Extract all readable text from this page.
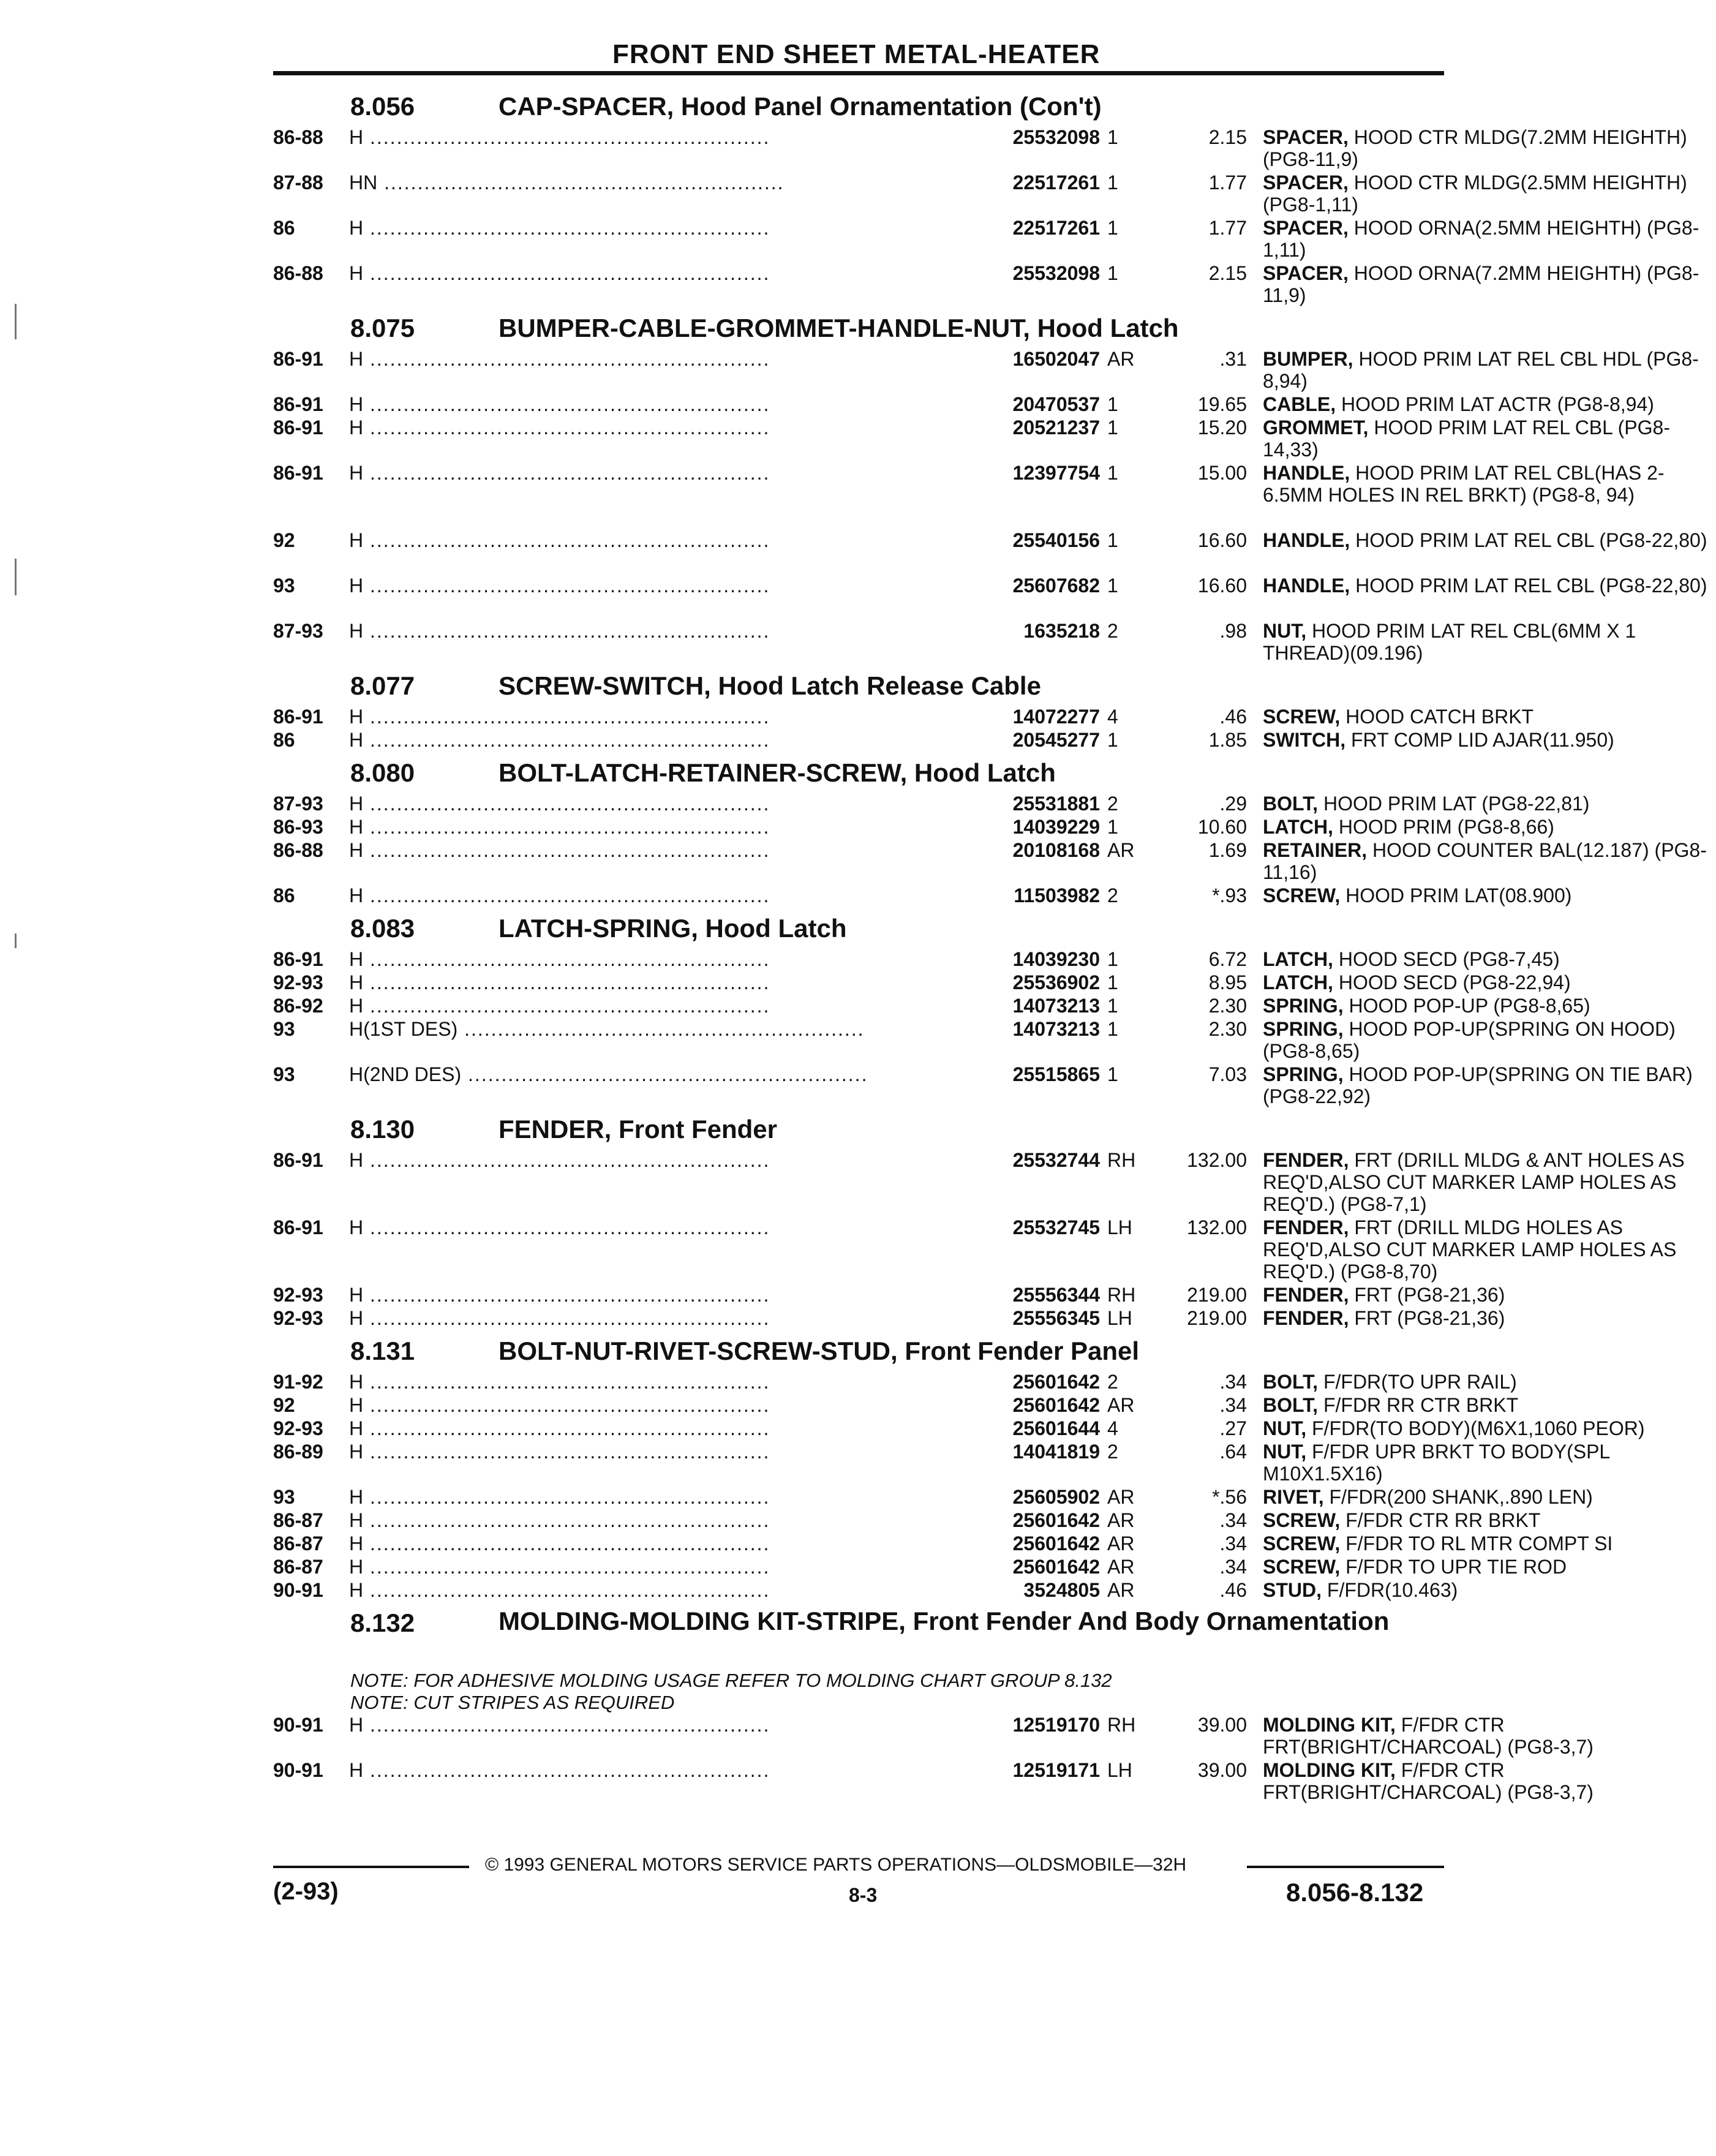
FRONT END SHEET METAL-HEATER
8.056	CAP-SPACER, Hood Panel Ornamentation (Con't)
86-88 H ............................................................	25532098 1	2.15 SPACER, HOOD CTR MLDG(7.2MM HEIGHTH) (PG8-11,9)
87-88 HN ............................................................	22517261 1	1.77 SPACER, HOOD CTR MLDG(2.5MM HEIGHTH) (PG8-1,11)
86	H ............................................................	22517261 1	1.77 SPACER, HOOD ORNA(2.5MM HEIGHTH) (PG8-1,11)
86-88 H ............................................................	25532098 1	2.15 SPACER, HOOD ORNA(7.2MM HEIGHTH) (PG8-11,9)
8.075	BUMPER-CABLE-GROMMET-HANDLE-NUT, Hood Latch
86-91 H ............................................................	16502047 AR	.31 BUMPER, HOOD PRIM LAT REL CBL HDL (PG8-8,94)
86-91 H ............................................................	20470537 1	19.65 CABLE, HOOD PRIM LAT ACTR (PG8-8,94)
86-91 H ............................................................	20521237 1	15.20 GROMMET, HOOD PRIM LAT REL CBL (PG8-14,33)
86-91 H ............................................................	12397754 1	15.00 HANDLE, HOOD PRIM LAT REL CBL(HAS 2-6.5MM HOLES IN REL BRKT) (PG8-8, 94)
92	H ............................................................	25540156 1	16.60 HANDLE, HOOD PRIM LAT REL CBL (PG8-22,80)
93	H ............................................................	25607682 1	16.60 HANDLE, HOOD PRIM LAT REL CBL (PG8-22,80)
87-93 H ............................................................	1635218 2	.98 NUT, HOOD PRIM LAT REL CBL(6MM X 1 THREAD)(09.196)
8.077	SCREW-SWITCH, Hood Latch Release Cable
86-91 H ............................................................	14072277 4	.46 SCREW, HOOD CATCH BRKT
86	H ............................................................	20545277 1	1.85 SWITCH, FRT COMP LID AJAR(11.950)
8.080	BOLT-LATCH-RETAINER-SCREW, Hood Latch
87-93 H ............................................................	25531881 2	.29 BOLT, HOOD PRIM LAT (PG8-22,81)
86-93 H ............................................................	14039229 1	10.60 LATCH, HOOD PRIM (PG8-8,66)
86-88 H ............................................................	20108168 AR	1.69 RETAINER, HOOD COUNTER BAL(12.187) (PG8-11,16)
86	H ............................................................	11503982 2	*.93 SCREW, HOOD PRIM LAT(08.900)
8.083	LATCH-SPRING, Hood Latch
86-91 H ............................................................	14039230 1	6.72 LATCH, HOOD SECD (PG8-7,45)
92-93 H ............................................................	25536902 1	8.95 LATCH, HOOD SECD (PG8-22,94)
86-92 H ............................................................	14073213 1	2.30 SPRING, HOOD POP-UP (PG8-8,65)
93	H(1ST DES) ............................................................	14073213 1	2.30 SPRING, HOOD POP-UP(SPRING ON HOOD) (PG8-8,65)
93	H(2ND DES) ............................................................	25515865 1	7.03 SPRING, HOOD POP-UP(SPRING ON TIE BAR) (PG8-22,92)
8.130	FENDER, Front Fender
86-91 H ............................................................	25532744 RH	132.00 FENDER, FRT (DRILL MLDG & ANT HOLES AS REQ'D,ALSO CUT MARKER LAMP HOLES AS REQ'D.) (PG8-7,1)
86-91 H ............................................................	25532745 LH	132.00 FENDER, FRT (DRILL MLDG HOLES AS REQ'D,ALSO CUT MARKER LAMP HOLES AS REQ'D.) (PG8-8,70)
92-93 H ............................................................	25556344 RH	219.00 FENDER, FRT (PG8-21,36)
92-93 H ............................................................	25556345 LH	219.00 FENDER, FRT (PG8-21,36)
8.131	BOLT-NUT-RIVET-SCREW-STUD, Front Fender Panel
91-92 H ............................................................	25601642 2	.34 BOLT, F/FDR(TO UPR RAIL)
92	H ............................................................	25601642 AR	.34 BOLT, F/FDR RR CTR BRKT
92-93 H ............................................................	25601644 4	.27 NUT, F/FDR(TO BODY)(M6X1,1060 PEOR)
86-89 H ............................................................	14041819 2	.64 NUT, F/FDR UPR BRKT TO BODY(SPL M10X1.5X16)
93	H ............................................................	25605902 AR	*.56 RIVET, F/FDR(200 SHANK,.890 LEN)
86-87 H ............................................................	25601642 AR	.34 SCREW, F/FDR CTR RR BRKT
86-87 H ............................................................	25601642 AR	.34 SCREW, F/FDR TO RL MTR COMPT SI
86-87 H ............................................................	25601642 AR	.34 SCREW, F/FDR TO UPR TIE ROD
90-91 H ............................................................	3524805 AR	.46 STUD, F/FDR(10.463)
8.132	MOLDING-MOLDING KIT-STRIPE, Front Fender And Body Ornamentation
NOTE: FOR ADHESIVE MOLDING USAGE REFER TO MOLDING CHART GROUP 8.132
NOTE: CUT STRIPES AS REQUIRED
90-91 H ............................................................	12519170 RH	39.00 MOLDING KIT, F/FDR CTR FRT(BRIGHT/CHARCOAL) (PG8-3,7)
90-91 H ............................................................	12519171 LH	39.00 MOLDING KIT, F/FDR CTR FRT(BRIGHT/CHARCOAL) (PG8-3,7)
© 1993 GENERAL MOTORS SERVICE PARTS OPERATIONS—OLDSMOBILE—32H
(2-93)	8-3	8.056-8.132
